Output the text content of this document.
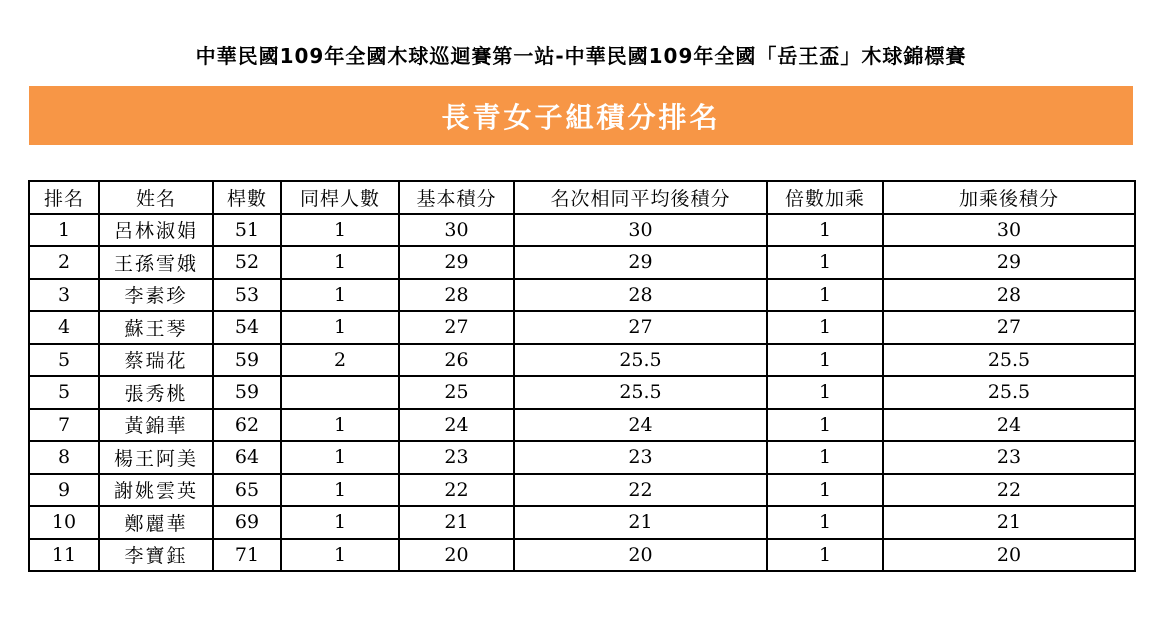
中華民國109年全國木球巡迴賽第一站-中華民國109年全國「岳王盃」木球錦標賽
長青女子組積分排名
排名	姓名	桿數	同桿人數	基本積分	名次相同平均後積分	倍數加乘	加乘後積分
1	呂林淑娟	51	1	30	30	1	30
2	王孫雪娥	52	1	29	29	1	29
3	李素珍	53	1	28	28	1	28
4	蘇王琴	54	1	27	27	1	27
5	蔡瑞花	59	2	26	25.5	1	25.5
5	張秀桃	59		25	25.5	1	25.5
7	黃錦華	62	1	24	24	1	24
8	楊王阿美	64	1	23	23	1	23
9	謝姚雲英	65	1	22	22	1	22
10	鄭麗華	69	1	21	21	1	21
11	李寶鈺	71	1	20	20	1	20
